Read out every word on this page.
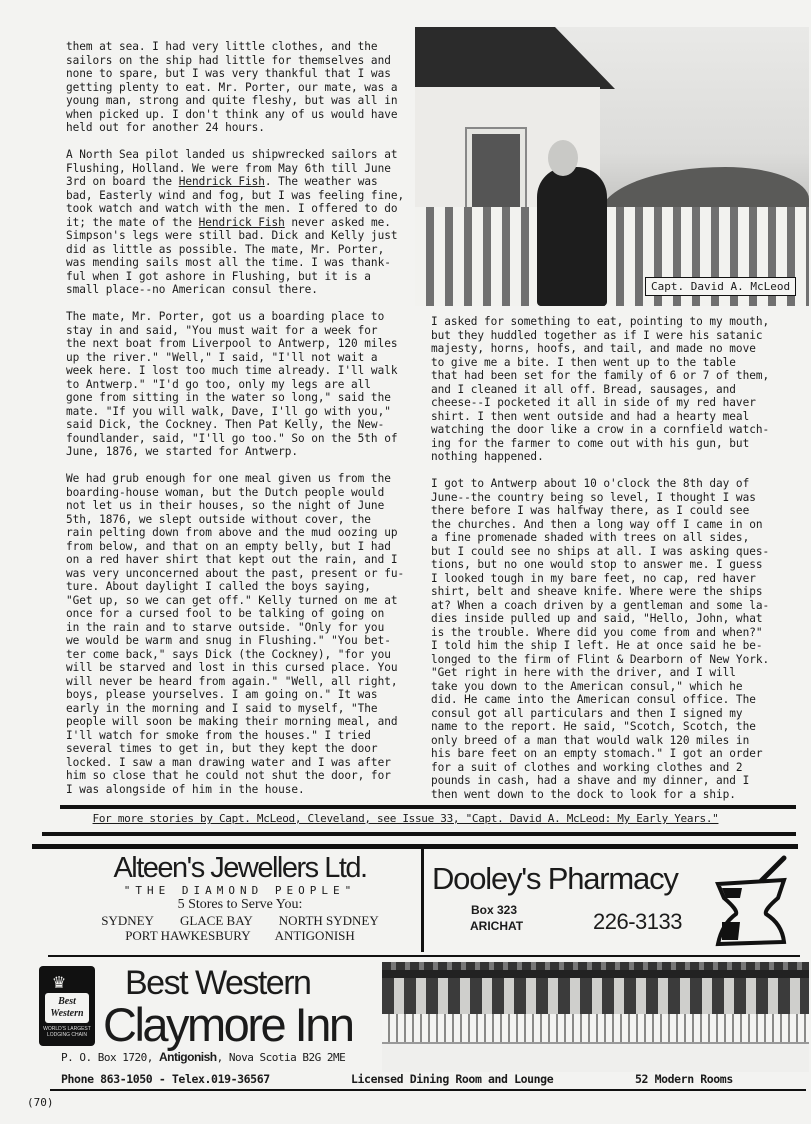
Capt. David A. McLeod
them at sea. I had very little clothes, and the
sailors on the ship had little for themselves and
none to spare, but I was very thankful that I was
getting plenty to eat. Mr. Porter, our mate, was a
young man, strong and quite fleshy, but was all in
when picked up. I don't think any of us would have
held out for another 24 hours.
A North Sea pilot landed us shipwrecked sailors at
Flushing, Holland. We were from May 6th till June
3rd on board the Hendrick Fish. The weather was
bad, Easterly wind and fog, but I was feeling fine,
took watch and watch with the men. I offered to do
it; the mate of the Hendrick Fish never asked me.
Simpson's legs were still bad. Dick and Kelly just
did as little as possible. The mate, Mr. Porter,
was mending sails most all the time. I was thank-
ful when I got ashore in Flushing, but it is a
small place--no American consul there.
The mate, Mr. Porter, got us a boarding place to
stay in and said, "You must wait for a week for
the next boat from Liverpool to Antwerp, 120 miles
up the river." "Well," I said, "I'll not wait a
week here. I lost too much time already. I'll walk
to Antwerp." "I'd go too, only my legs are all
gone from sitting in the water so long," said the
mate. "If you will walk, Dave, I'll go with you,"
said Dick, the Cockney. Then Pat Kelly, the New-
foundlander, said, "I'll go too." So on the 5th of
June, 1876, we started for Antwerp.
We had grub enough for one meal given us from the
boarding-house woman, but the Dutch people would
not let us in their houses, so the night of June
5th, 1876, we slept outside without cover, the
rain pelting down from above and the mud oozing up
from below, and that on an empty belly, but I had
on a red haver shirt that kept out the rain, and I
was very unconcerned about the past, present or fu-
ture. About daylight I called the boys saying,
"Get up, so we can get off." Kelly turned on me at
once for a cursed fool to be talking of going on
in the rain and to starve outside. "Only for you
we would be warm and snug in Flushing." "You bet-
ter come back," says Dick (the Cockney), "for you
will be starved and lost in this cursed place. You
will never be heard from again." "Well, all right,
boys, please yourselves. I am going on." It was
early in the morning and I said to myself, "The
people will soon be making their morning meal, and
I'll watch for smoke from the houses." I tried
several times to get in, but they kept the door
locked. I saw a man drawing water and I was after
him so close that he could not shut the door, for
I was alongside of him in the house.
I asked for something to eat, pointing to my mouth,
but they huddled together as if I were his satanic
majesty, horns, hoofs, and tail, and made no move
to give me a bite. I then went up to the table
that had been set for the family of 6 or 7 of them,
and I cleaned it all off. Bread, sausages, and
cheese--I pocketed it all in side of my red haver
shirt. I then went outside and had a hearty meal
watching the door like a crow in a cornfield watch-
ing for the farmer to come out with his gun, but
nothing happened.
I got to Antwerp about 10 o'clock the 8th day of
June--the country being so level, I thought I was
there before I was halfway there, as I could see
the churches. And then a long way off I came in on
a fine promenade shaded with trees on all sides,
but I could see no ships at all. I was asking ques-
tions, but no one would stop to answer me. I guess
I looked tough in my bare feet, no cap, red haver
shirt, belt and sheave knife. Where were the ships
at? When a coach driven by a gentleman and some la-
dies inside pulled up and said, "Hello, John, what
is the trouble. Where did you come from and when?"
I told him the ship I left. He at once said he be-
longed to the firm of Flint & Dearborn of New York.
"Get right in here with the driver, and I will
take you down to the American consul," which he
did. He came into the American consul office. The
consul got all particulars and then I signed my
name to the report. He said, "Scotch, Scotch, the
only breed of a man that would walk 120 miles in
his bare feet on an empty stomach." I got an order
for a suit of clothes and working clothes and 2
pounds in cash, had a shave and my dinner, and I
then went down to the dock to look for a ship.
For more stories by Capt. McLeod, Cleveland, see Issue 33, "Capt. David A. McLeod: My Early Years."
Alteen's Jewellers Ltd.
"THE DIAMOND PEOPLE"
5 Stores to Serve You:
SYDNEY GLACE BAY NORTH SYDNEY
PORT HAWKESBURY ANTIGONISH
Dooley's Pharmacy
Box 323
ARICHAT	226-3133
♛
Best Western
WORLD'S LARGEST LODGING CHAIN
Best Western
Claymore Inn
P. O. Box 1720, Antigonish, Nova Scotia B2G 2ME
Phone 863-1050 - Telex.019-36567	Licensed Dining Room and Lounge	52 Modern Rooms
(70)
